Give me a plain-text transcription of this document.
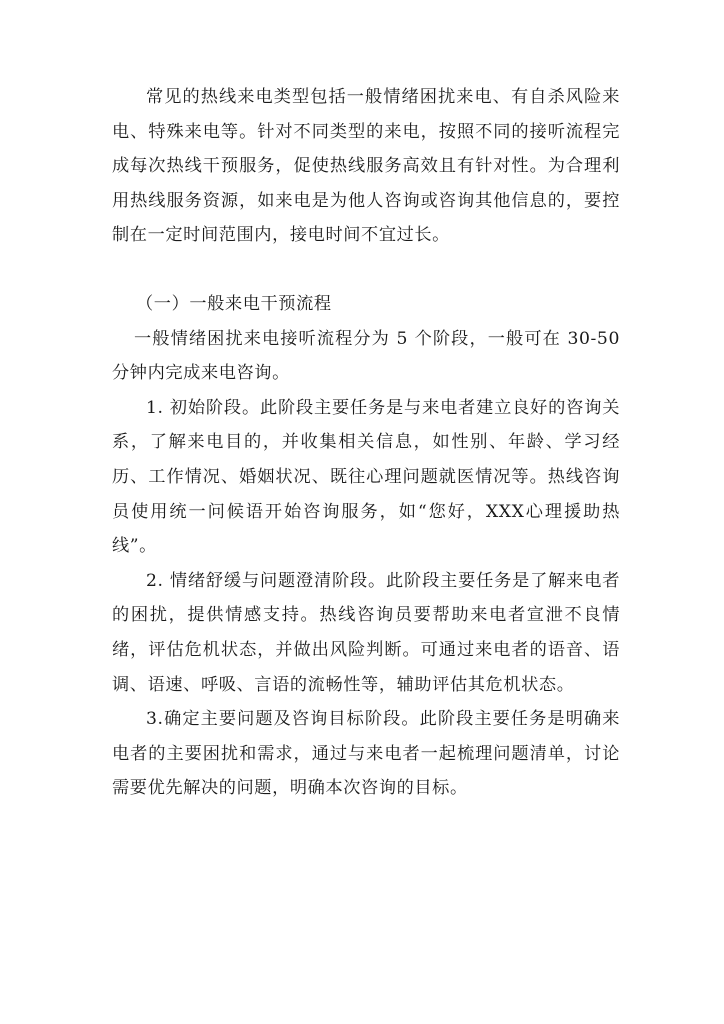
常见的热线来电类型包括一般情绪困扰来电、有自杀风险来电、特殊来电等。针对不同类型的来电，按照不同的接听流程完成每次热线干预服务，促使热线服务高效且有针对性。为合理利用热线服务资源，如来电是为他人咨询或咨询其他信息的，要控制在一定时间范围内，接电时间不宜过长。

（一）一般来电干预流程

一般情绪困扰来电接听流程分为 5 个阶段，一般可在 30-50 分钟内完成来电咨询。

1. 初始阶段。此阶段主要任务是与来电者建立良好的咨询关系，了解来电目的，并收集相关信息，如性别、年龄、学习经历、工作情况、婚姻状况、既往心理问题就医情况等。热线咨询员使用统一问候语开始咨询服务，如“您好，XXX心理援助热线”。

2. 情绪舒缓与问题澄清阶段。此阶段主要任务是了解来电者的困扰，提供情感支持。热线咨询员要帮助来电者宣泄不良情绪，评估危机状态，并做出风险判断。可通过来电者的语音、语调、语速、呼吸、言语的流畅性等，辅助评估其危机状态。

3.确定主要问题及咨询目标阶段。此阶段主要任务是明确来电者的主要困扰和需求，通过与来电者一起梳理问题清单，讨论需要优先解决的问题，明确本次咨询的目标。
